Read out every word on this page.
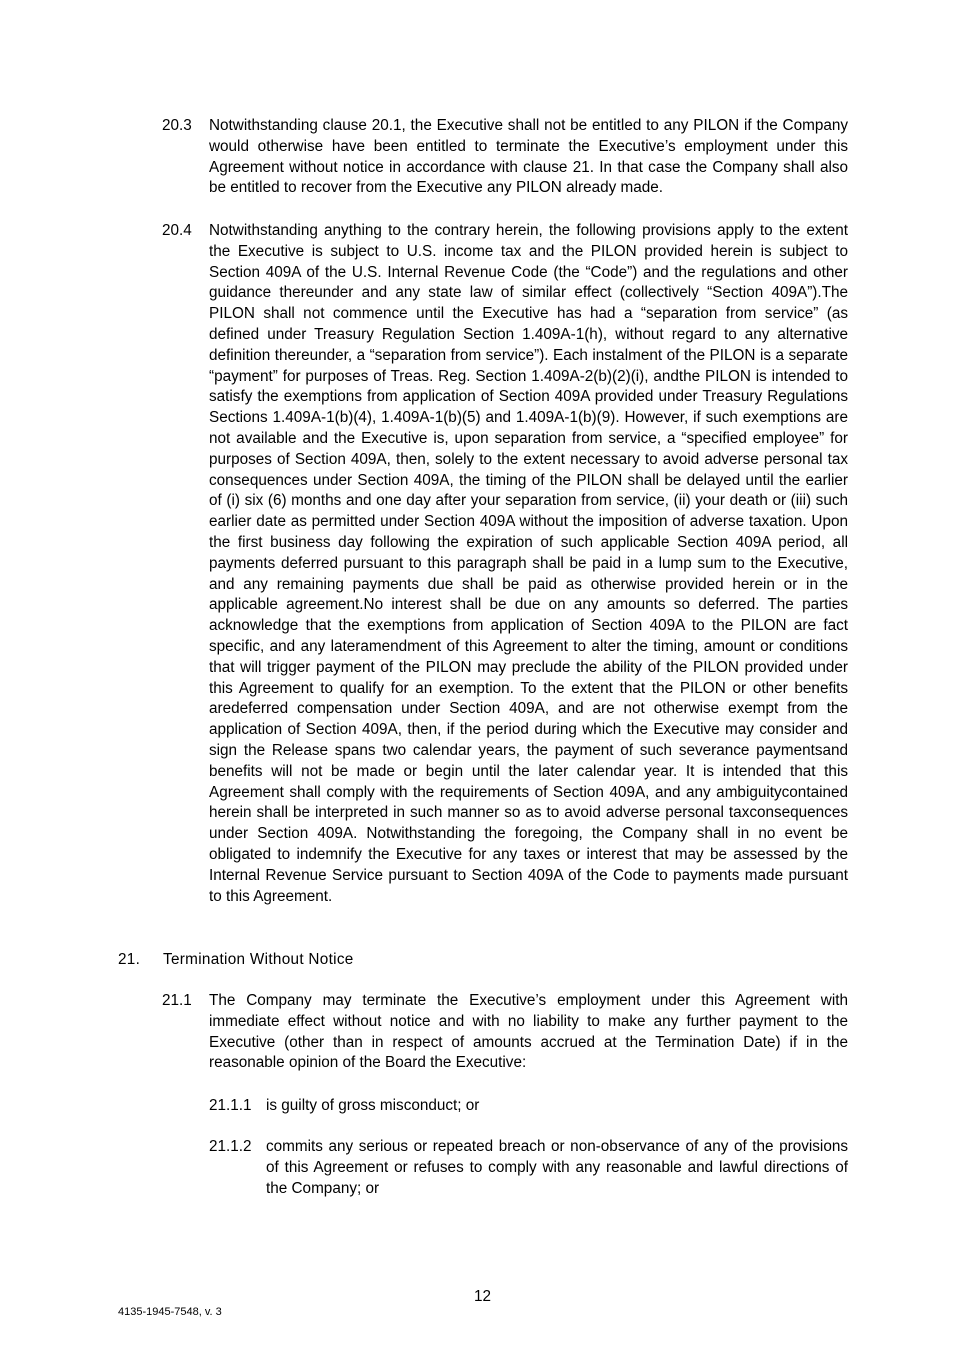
20.3 Notwithstanding clause 20.1, the Executive shall not be entitled to any PILON if the Company would otherwise have been entitled to terminate the Executive’s employment under this Agreement without notice in accordance with clause 21. In that case the Company shall also be entitled to recover from the Executive any PILON already made.
20.4 Notwithstanding anything to the contrary herein, the following provisions apply to the extent the Executive is subject to U.S. income tax and the PILON provided herein is subject to Section 409A of the U.S. Internal Revenue Code (the “Code”) and the regulations and other guidance thereunder and any state law of similar effect (collectively “Section 409A”).The PILON shall not commence until the Executive has had a “separation from service” (as defined under Treasury Regulation Section 1.409A-1(h), without regard to any alternative definition thereunder, a “separation from service”). Each instalment of the PILON is a separate “payment” for purposes of Treas. Reg. Section 1.409A-2(b)(2)(i), andthe PILON is intended to satisfy the exemptions from application of Section 409A provided under Treasury Regulations Sections 1.409A-1(b)(4), 1.409A-1(b)(5) and 1.409A-1(b)(9). However, if such exemptions are not available and the Executive is, upon separation from service, a “specified employee” for purposes of Section 409A, then, solely to the extent necessary to avoid adverse personal tax consequences under Section 409A, the timing of the PILON shall be delayed until the earlier of (i) six (6) months and one day after your separation from service, (ii) your death or (iii) such earlier date as permitted under Section 409A without the imposition of adverse taxation. Upon the first business day following the expiration of such applicable Section 409A period, all payments deferred pursuant to this paragraph shall be paid in a lump sum to the Executive, and any remaining payments due shall be paid as otherwise provided herein or in the applicable agreement.No interest shall be due on any amounts so deferred. The parties acknowledge that the exemptions from application of Section 409A to the PILON are fact specific, and any lateramendment of this Agreement to alter the timing, amount or conditions that will trigger payment of the PILON may preclude the ability of the PILON provided under this Agreement to qualify for an exemption. To the extent that the PILON or other benefits aredeferred compensation under Section 409A, and are not otherwise exempt from the application of Section 409A, then, if the period during which the Executive may consider and sign the Release spans two calendar years, the payment of such severance paymentsand benefits will not be made or begin until the later calendar year. It is intended that this Agreement shall comply with the requirements of Section 409A, and any ambiguitycontained herein shall be interpreted in such manner so as to avoid adverse personal taxconsequences under Section 409A. Notwithstanding the foregoing, the Company shall in no event be obligated to indemnify the Executive for any taxes or interest that may be assessed by the Internal Revenue Service pursuant to Section 409A of the Code to payments made pursuant to this Agreement.
21. Termination Without Notice
21.1 The Company may terminate the Executive’s employment under this Agreement with immediate effect without notice and with no liability to make any further payment to the Executive (other than in respect of amounts accrued at the Termination Date) if in the reasonable opinion of the Board the Executive:
21.1.1 is guilty of gross misconduct; or
21.1.2 commits any serious or repeated breach or non-observance of any of the provisions of this Agreement or refuses to comply with any reasonable and lawful directions of the Company; or
12
4135-1945-7548, v. 3
